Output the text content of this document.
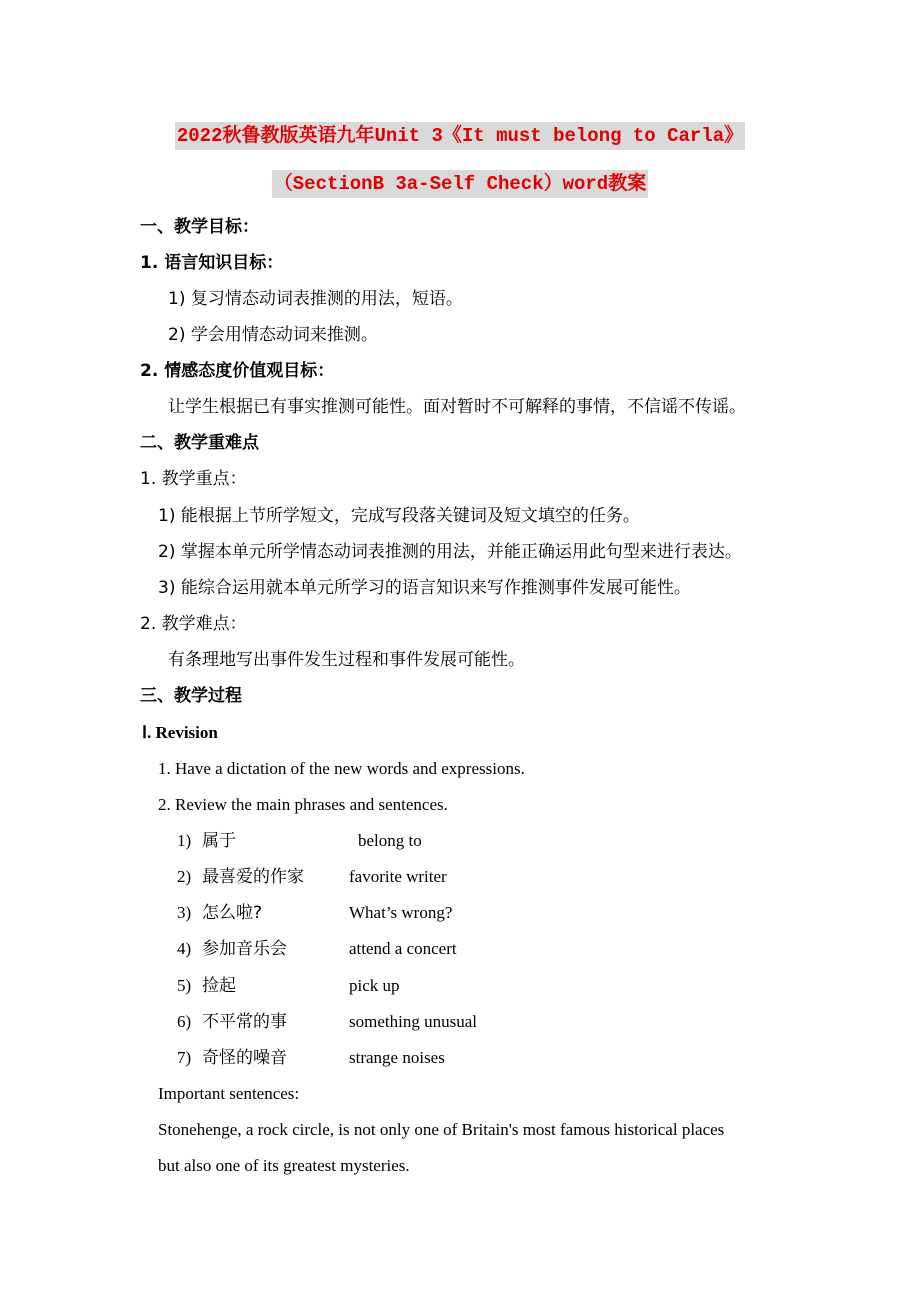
2022秋鲁教版英语九年Unit 3《It must belong to Carla》
（SectionB 3a-Self Check）word教案
一、教学目标：
1. 语言知识目标：
1) 复习情态动词表推测的用法，短语。
2) 学会用情态动词来推测。
2. 情感态度价值观目标：
让学生根据已有事实推测可能性。面对暂时不可解释的事情，不信谣不传谣。
二、教学重难点
1. 教学重点：
1) 能根据上节所学短文，完成写段落关键词及短文填空的任务。
2) 掌握本单元所学情态动词表推测的用法，并能正确运用此句型来进行表达。
3) 能综合运用就本单元所学习的语言知识来写作推测事件发展可能性。
2. 教学难点：
有条理地写出事件发生过程和事件发展可能性。
三、教学过程
Ⅰ. Revision
1. Have a dictation of the new words and expressions.
2. Review the main phrases and sentences.
1) 属于	belong to
2) 最喜爱的作家	favorite writer
3) 怎么啦?	What’s wrong?
4) 参加音乐会	attend a concert
5) 捡起	pick up
6) 不平常的事	something unusual
7) 奇怪的噪音	strange noises
Important sentences:
Stonehenge, a rock circle, is not only one of Britain's most famous historical places
but also one of its greatest mysteries.
